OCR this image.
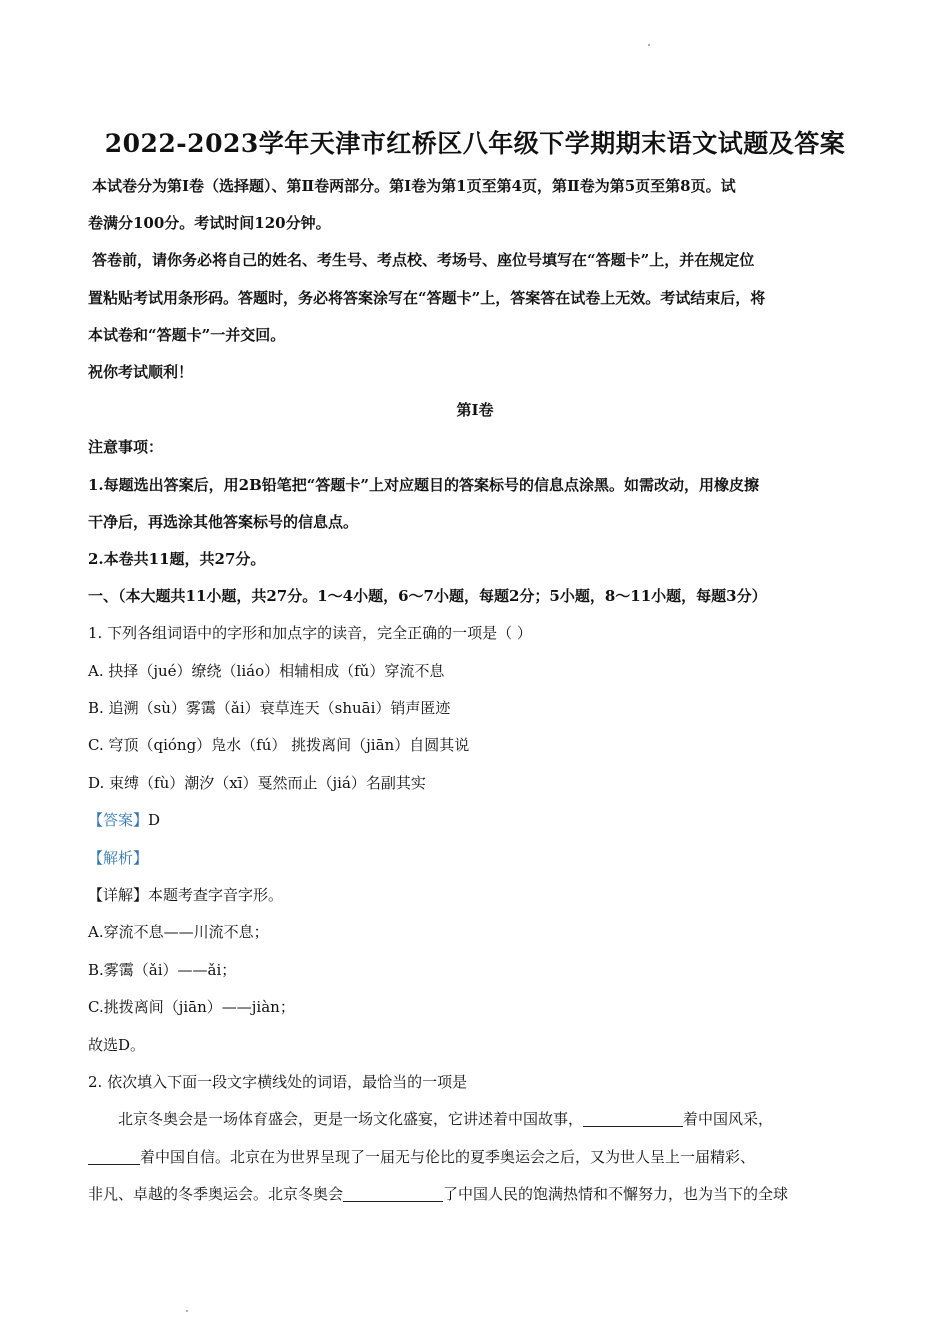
2022-2023学年天津市红桥区八年级下学期期末语文试题及答案
本试卷分为第Ⅰ卷（选择题）、第Ⅱ卷两部分。第Ⅰ卷为第1页至第4页，第Ⅱ卷为第5页至第8页。试
卷满分100分。考试时间120分钟。
答卷前，请你务必将自己的姓名、考生号、考点校、考场号、座位号填写在“答题卡”上，并在规定位
置粘贴考试用条形码。答题时，务必将答案涂写在“答题卡”上，答案答在试卷上无效。考试结束后，将
本试卷和“答题卡”一并交回。
祝你考试顺利！
第Ⅰ卷
注意事项：
1.每题选出答案后，用2B铅笔把“答题卡”上对应题目的答案标号的信息点涂黑。如需改动，用橡皮擦
干净后，再选涂其他答案标号的信息点。
2.本卷共11题，共27分。
一、（本大题共11小题，共27分。1～4小题，6～7小题，每题2分；5小题，8～11小题，每题3分）
1. 下列各组词语中的字形和加点字的读音，完全正确的一项是（ ）
A. 抉择（jué）缭绕（liáo）相辅相成（fǔ）穿流不息
B. 追溯（sù）雾霭（ǎi）衰草连天（shuāi）销声匿迹
C. 穹顶（qióng）凫水（fú） 挑拨离间（jiān）自圆其说
D. 束缚（fù）潮汐（xī）戛然而止（jiá）名副其实
【答案】D
【解析】
【详解】本题考查字音字形。
A.穿流不息——川流不息；
B.雾霭（ǎi）——ǎi；
C.挑拨离间（jiān）——jiàn；
故选D。
2. 依次填入下面一段文字横线处的词语，最恰当的一项是
北京冬奥会是一场体育盛会，更是一场文化盛宴，它讲述着中国故事，	着中国风采，
着中国自信。北京在为世界呈现了一届无与伦比的夏季奥运会之后，又为世人呈上一届精彩、
非凡、卓越的冬季奥运会。北京冬奥会	了中国人民的饱满热情和不懈努力，也为当下的全球
